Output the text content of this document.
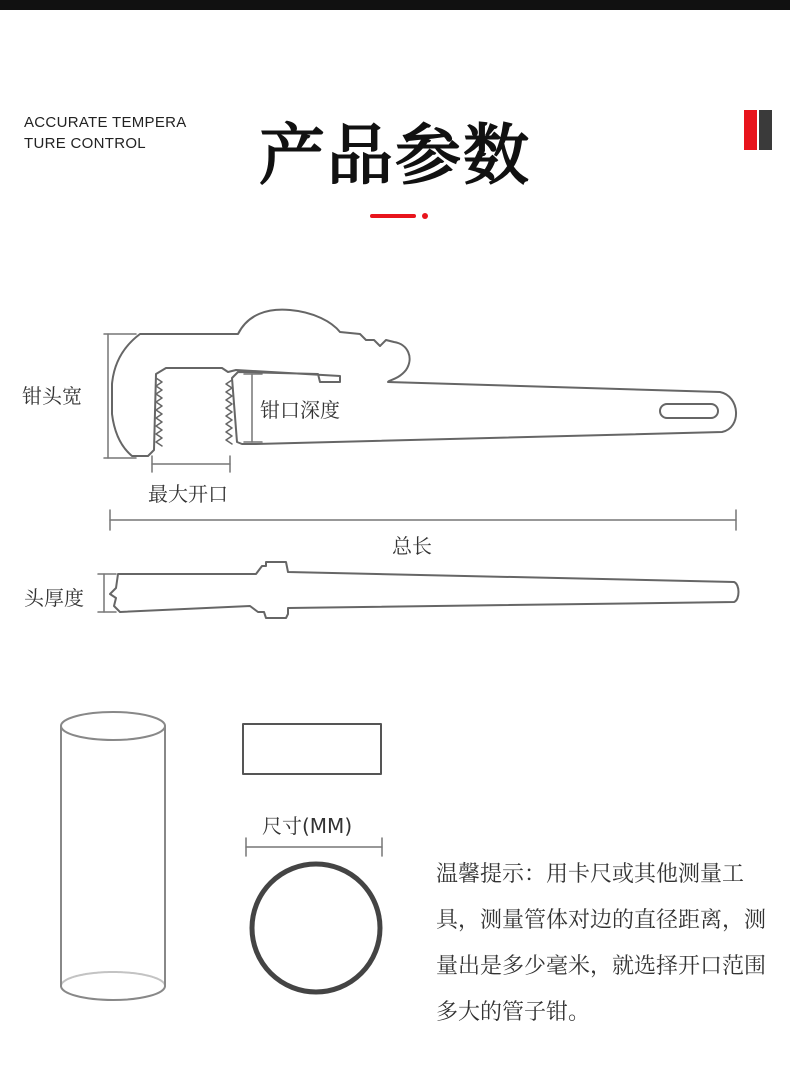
ACCURATE TEMPERA
TURE CONTROL	产品参数
钳头宽
钳口深度
最大开口
总长
头厚度
尺寸(MM)
温馨提示：用卡尺或其他测量工具，测量管体对边的直径距离，测量出是多少毫米，就选择开口范围多大的管子钳。
